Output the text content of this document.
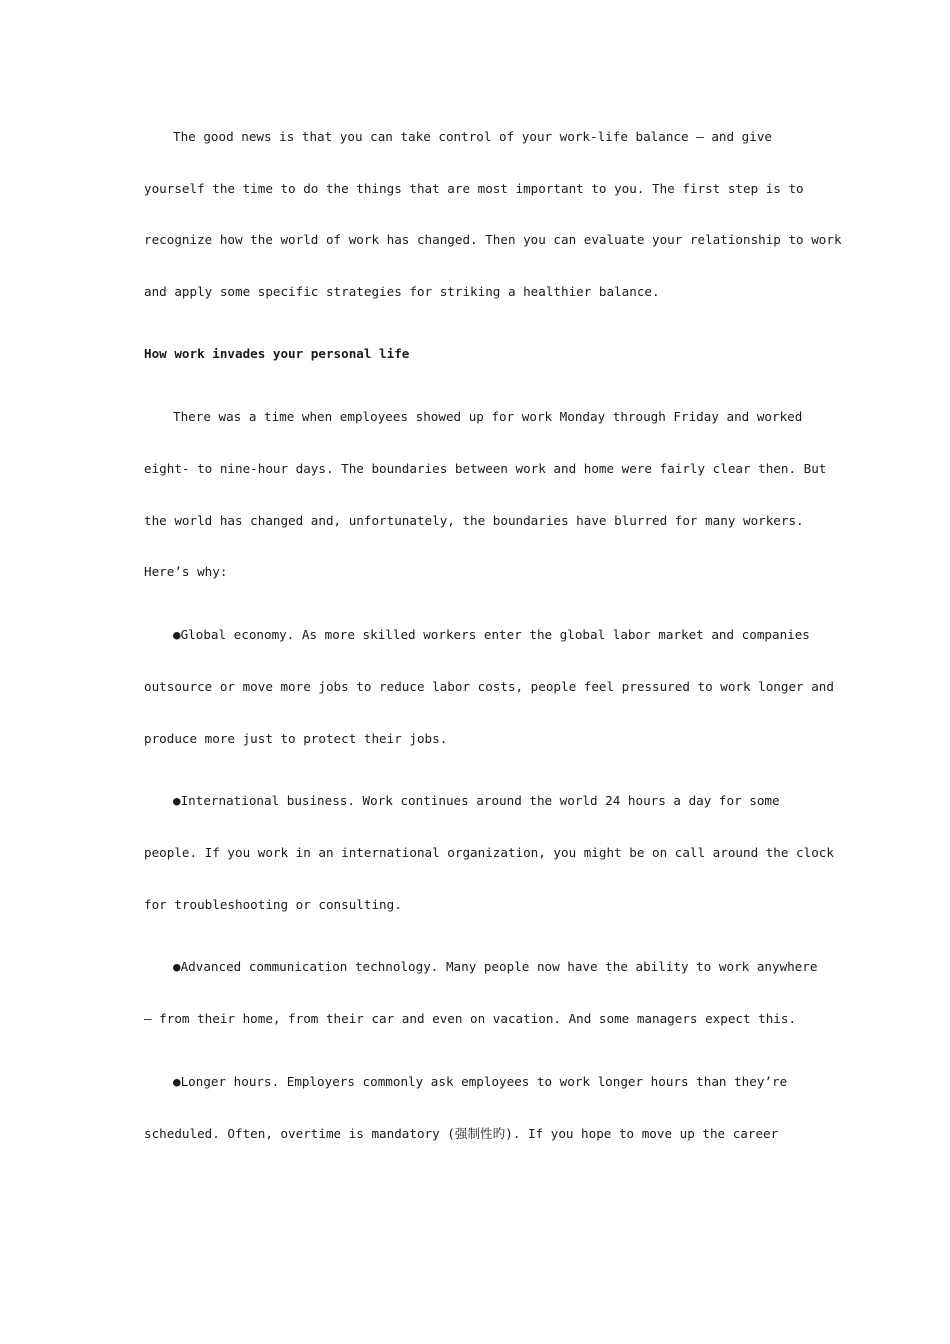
The good news is that you can take control of your work-life balance — and give
yourself the time to do the things that are most important to you. The first step is to
recognize how the world of work has changed. Then you can evaluate your relationship to work
and apply some specific strategies for striking a healthier balance.
How work invades your personal life
There was a time when employees showed up for work Monday through Friday and worked
eight- to nine-hour days. The boundaries between work and home were fairly clear then. But
the world has changed and, unfortunately, the boundaries have blurred for many workers.
Here’s why:
●Global economy. As more skilled workers enter the global labor market and companies
outsource or move more jobs to reduce labor costs, people feel pressured to work longer and
produce more just to protect their jobs.
●International business. Work continues around the world 24 hours a day for some
people. If you work in an international organization, you might be on call around the clock
for troubleshooting or consulting.
●Advanced communication technology. Many people now have the ability to work anywhere
— from their home, from their car and even on vacation. And some managers expect this.
●Longer hours. Employers commonly ask employees to work longer hours than they’re
scheduled. Often, overtime is mandatory (强制性旳). If you hope to move up the career
